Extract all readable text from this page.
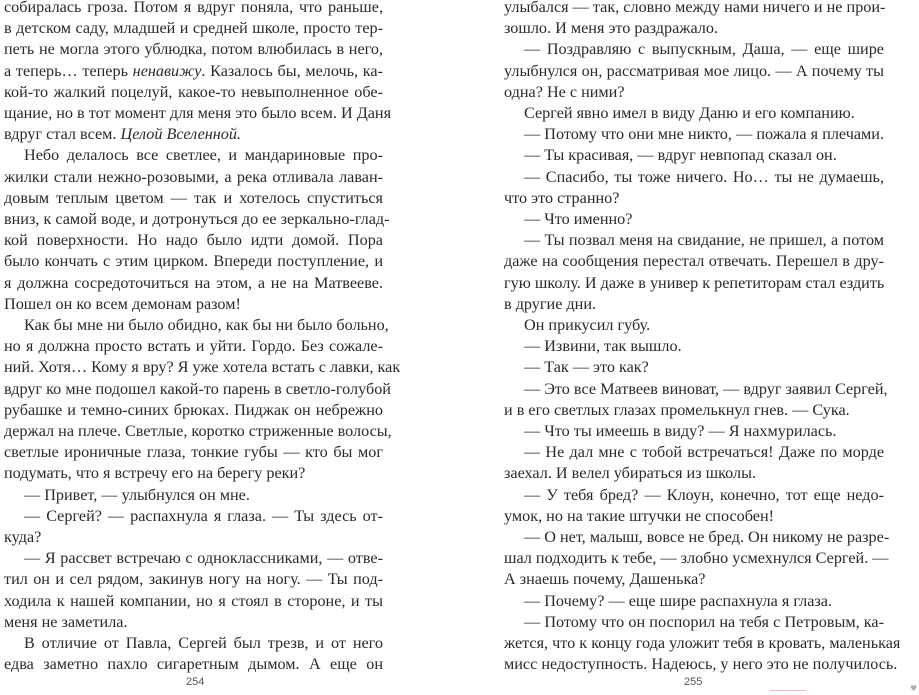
собиралась гроза. Потом я вдруг поняла, что раньше,
в детском саду, младшей и средней школе, просто тер-
петь не могла этого ублюдка, потом влюбилась в него,
а теперь… теперь ненавижу. Казалось бы, мелочь, ка-
кой-то жалкий поцелуй, какое-то невыполненное обе-
щание, но в тот момент для меня это было всем. И Даня
вдруг стал всем. Целой Вселенной.
Небо делалось все светлее, и мандариновые про-
жилки стали нежно-розовыми, а река отливала лаван-
довым теплым цветом — так и хотелось спуститься
вниз, к самой воде, и дотронуться до ее зеркально-глад-
кой поверхности. Но надо было идти домой. Пора
было кончать с этим цирком. Впереди поступление, и
я должна сосредоточиться на этом, а не на Матвееве.
Пошел он ко всем демонам разом!
Как бы мне ни было обидно, как бы ни было больно,
но я должна просто встать и уйти. Гордо. Без сожале-
ний. Хотя… Кому я вру? Я уже хотела встать с лавки, как
вдруг ко мне подошел какой-то парень в светло-голубой
рубашке и темно-синих брюках. Пиджак он небрежно
держал на плече. Светлые, коротко стриженные волосы,
светлые ироничные глаза, тонкие губы — кто бы мог
подумать, что я встречу его на берегу реки?
— Привет, — улыбнулся он мне.
— Сергей? — распахнула я глаза. — Ты здесь от-
куда?
— Я рассвет встречаю с одноклассниками, — отве-
тил он и сел рядом, закинув ногу на ногу. — Ты под-
ходила к нашей компании, но я стоял в стороне, и ты
меня не заметила.
В отличие от Павла, Сергей был трезв, и от него
едва заметно пахло сигаретным дымом. А еще он
254
улыбался — так, словно между нами ничего и не прои-
зошло. И меня это раздражало.
— Поздравляю с выпускным, Даша, — еще шире
улыбнулся он, рассматривая мое лицо. — А почему ты
одна? Не с ними?
Сергей явно имел в виду Даню и его компанию.
— Потому что они мне никто, — пожала я плечами.
— Ты красивая, — вдруг невпопад сказал он.
— Спасибо, ты тоже ничего. Но… ты не думаешь,
что это странно?
— Что именно?
— Ты позвал меня на свидание, не пришел, а потом
даже на сообщения перестал отвечать. Перешел в дру-
гую школу. И даже в универ к репетиторам стал ездить
в другие дни.
Он прикусил губу.
— Извини, так вышло.
— Так — это как?
— Это все Матвеев виноват, — вдруг заявил Сергей,
и в его светлых глазах промелькнул гнев. — Сука.
— Что ты имеешь в виду? — Я нахмурилась.
— Не дал мне с тобой встречаться! Даже по морде
заехал. И велел убираться из школы.
— У тебя бред? — Клоун, конечно, тот еще недо-
умок, но на такие штучки не способен!
— О нет, малыш, вовсе не бред. Он никому не разре-
шал подходить к тебе, — злобно усмехнулся Сергей. —
А знаешь почему, Дашенька?
— Почему? — еще шире распахнула я глаза.
— Потому что он поспорил на тебя с Петровым, ка-
жется, что к концу года уложит тебя в кровать, маленькая
мисс недоступность. Надеюсь, у него это не получилось.
255
♥
